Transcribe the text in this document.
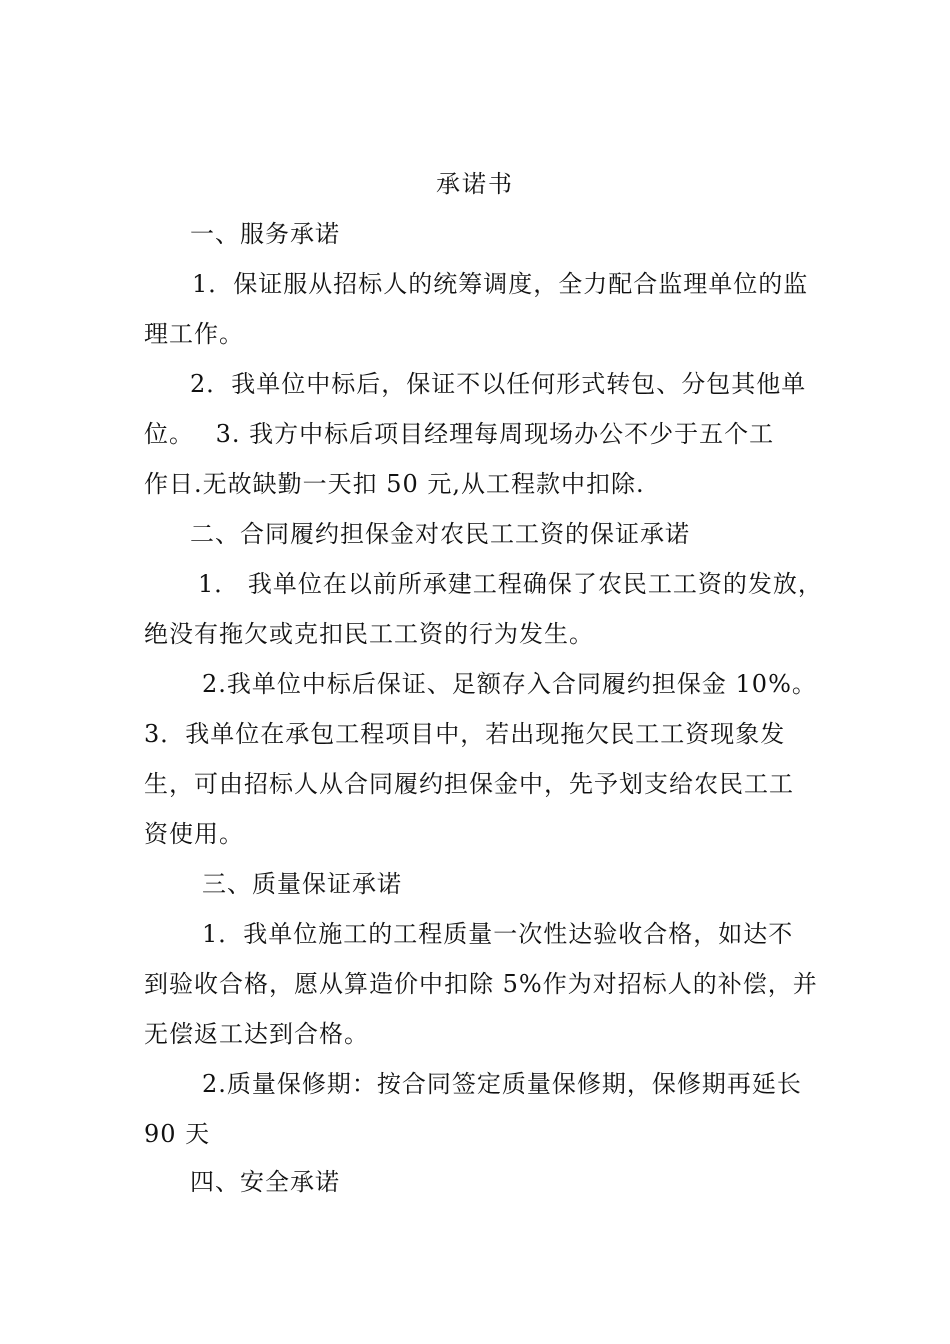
承诺书
一、服务承诺
1．保证服从招标人的统筹调度，全力配合监理单位的监
理工作。
2．我单位中标后，保证不以任何形式转包、分包其他单
位。　 3. 我方中标后项目经理每周现场办公不少于五个工
作日.无故缺勤一天扣 50 元,从工程款中扣除.
二、合同履约担保金对农民工工资的保证承诺
1． 我单位在以前所承建工程确保了农民工工资的发放，
绝没有拖欠或克扣民工工资的行为发生。
2.我单位中标后保证、足额存入合同履约担保金 10%。
3．我单位在承包工程项目中，若出现拖欠民工工资现象发
生，可由招标人从合同履约担保金中，先予划支给农民工工
资使用。
三、质量保证承诺
1．我单位施工的工程质量一次性达验收合格，如达不
到验收合格，愿从算造价中扣除 5%作为对招标人的补偿，并
无偿返工达到合格。
2.质量保修期：按合同签定质量保修期，保修期再延长
90 天
四、安全承诺
